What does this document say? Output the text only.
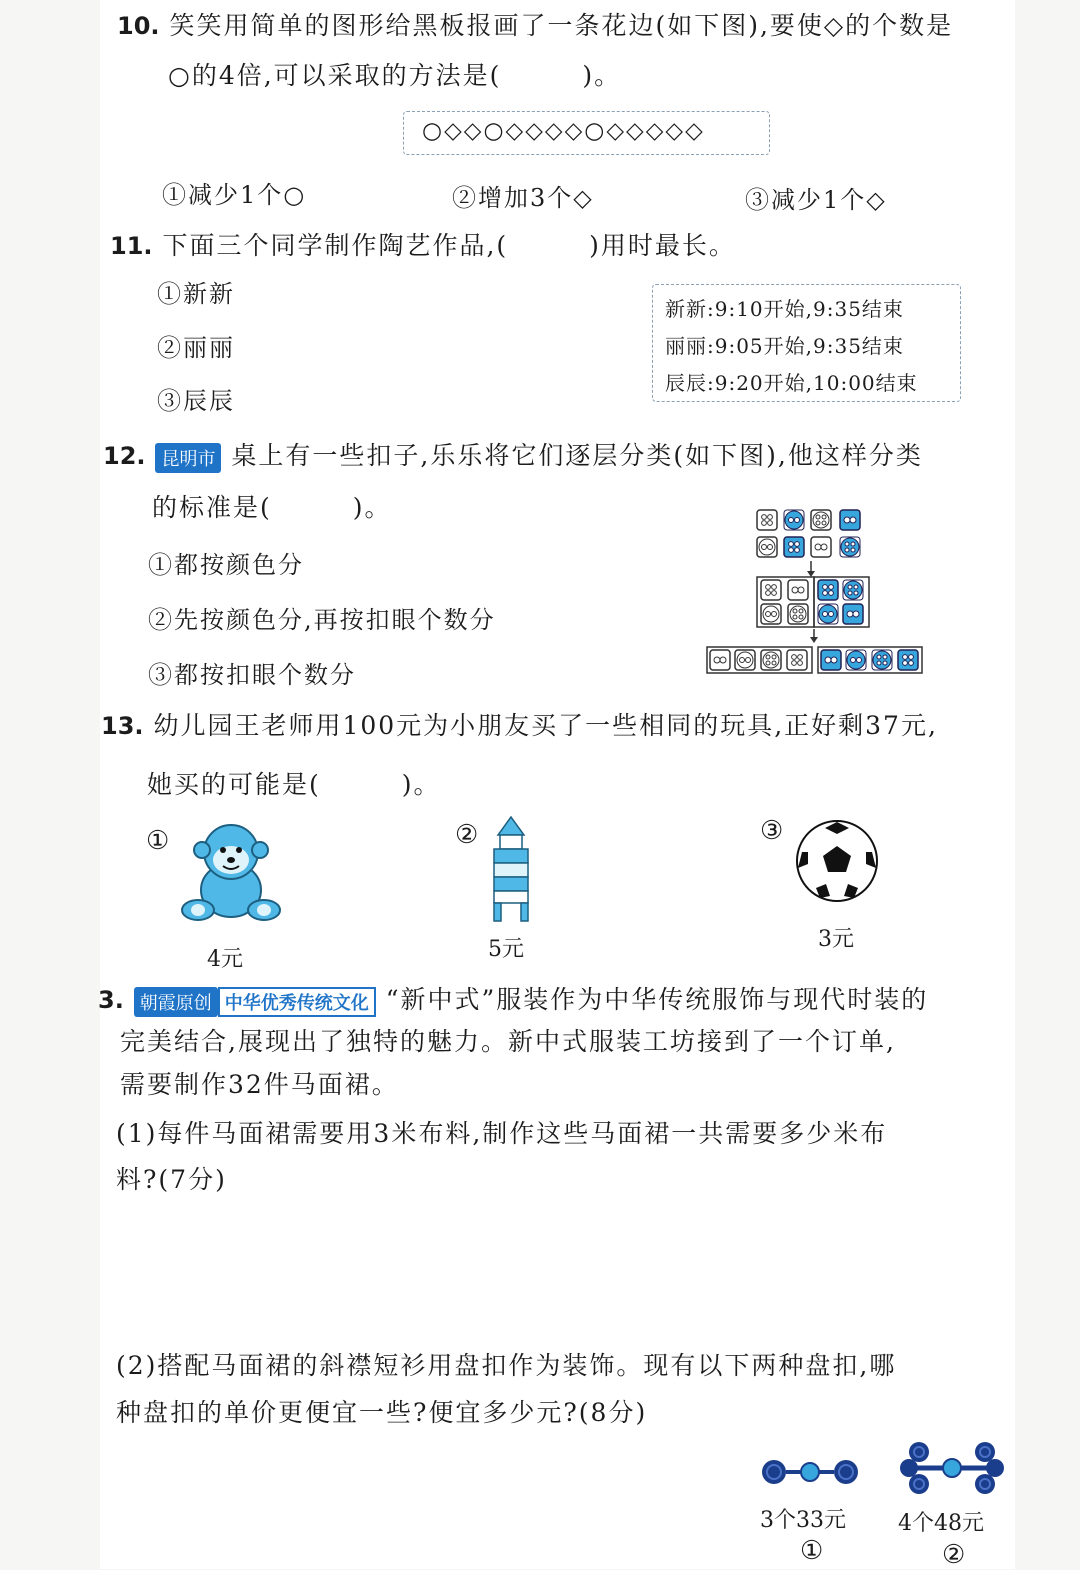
10. 笑笑用简单的图形给黑板报画了一条花边(如下图),要使◇的个数是
○的4倍,可以采取的方法是(　　　)。
○◇◇○◇◇◇◇○◇◇◇◇◇
①减少1个○	②增加3个◇	③减少1个◇
11. 下面三个同学制作陶艺作品,(　　　)用时最长。
①新新
②丽丽
③辰辰
新新:9:10开始,9:35结束
丽丽:9:05开始,9:35结束
辰辰:9:20开始,10:00结束
12. 昆明市 桌上有一些扣子,乐乐将它们逐层分类(如下图),他这样分类
的标准是(　　　)。
①都按颜色分
②先按颜色分,再按扣眼个数分
③都按扣眼个数分
13. 幼儿园王老师用100元为小朋友买了一些相同的玩具,正好剩37元,
她买的可能是(　　　)。
①
4元
②
5元
③
3元
3. 朝霞原创 中华优秀传统文化 “新中式”服装作为中华传统服饰与现代时装的
完美结合,展现出了独特的魅力。新中式服装工坊接到了一个订单,
需要制作32件马面裙。
(1)每件马面裙需要用3米布料,制作这些马面裙一共需要多少米布
料?(7分)
(2)搭配马面裙的斜襟短衫用盘扣作为装饰。现有以下两种盘扣,哪
种盘扣的单价更便宜一些?便宜多少元?(8分)
3个33元 4个48元
①	②
